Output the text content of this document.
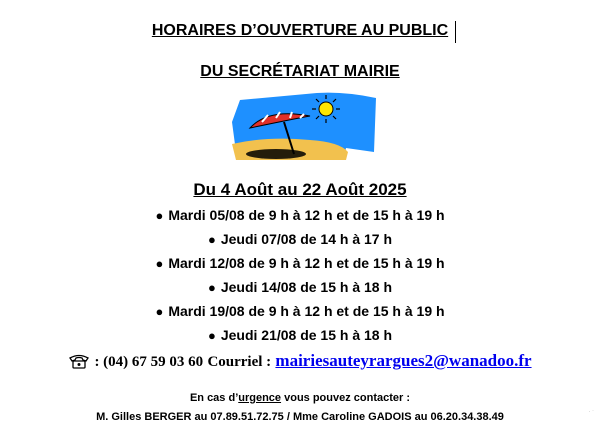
HORAIRES D’OUVERTURE AU PUBLIC
DU SECRÉTARIAT MAIRIE
Du 4 Août au 22 Août 2025
● Mardi 05/08 de 9 h à 12 h et de 15 h à 19 h
● Jeudi 07/08 de 14 h à 17 h
● Mardi 12/08 de 9 h à 12 h et de 15 h à 19 h
● Jeudi 14/08 de 15 h à 18 h
● Mardi 19/08 de 9 h à 12 h et de 15 h à 19 h
● Jeudi 21/08 de 15 h à 18 h
: (04) 67 59 03 60 Courriel : mairiesauteyrargues2@wanadoo.fr
En cas d’urgence vous pouvez contacter :
M. Gilles BERGER au 07.89.51.72.75 / Mme Caroline GADOIS au 06.20.34.38.49	. ·
